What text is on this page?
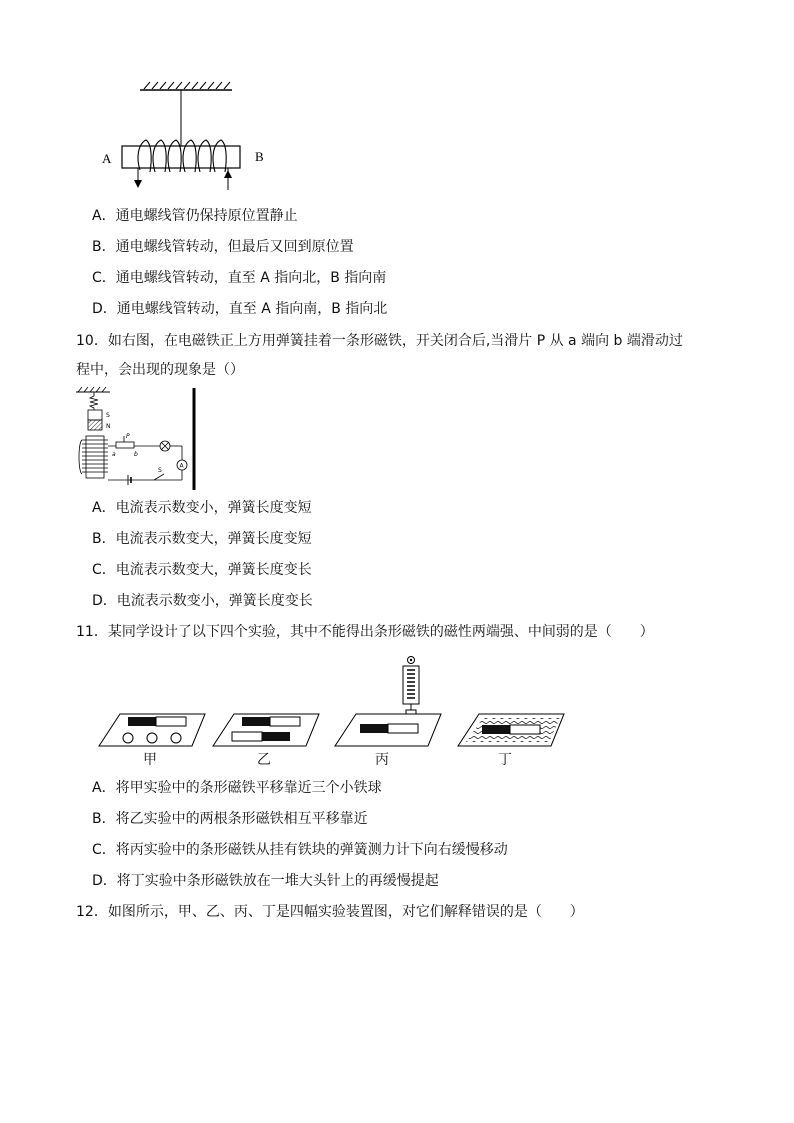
A	B
A．通电螺线管仍保持原位置静止
B．通电螺线管转动，但最后又回到原位置
C．通电螺线管转动，直至 A 指向北，B 指向南
D．通电螺线管转动，直至 A 指向南，B 指向北
10．如右图，在电磁铁正上方用弹簧挂着一条形磁铁，开关闭合后,当滑片 P 从 a 端向 b 端滑动过
程中，会出现的现象是（）
S
N
P
a	b
A
S
A．电流表示数变小，弹簧长度变短
B．电流表示数变大，弹簧长度变短
C．电流表示数变大，弹簧长度变长
D．电流表示数变小，弹簧长度变长
11．某同学设计了以下四个实验，其中不能得出条形磁铁的磁性两端强、中间弱的是（　　）
甲	乙	丙	丁
A．将甲实验中的条形磁铁平移靠近三个小铁球
B．将乙实验中的两根条形磁铁相互平移靠近
C．将丙实验中的条形磁铁从挂有铁块的弹簧测力计下向右缓慢移动
D．将丁实验中条形磁铁放在一堆大头针上的再缓慢提起
12．如图所示，甲、乙、丙、丁是四幅实验装置图，对它们解释错误的是（　　）
